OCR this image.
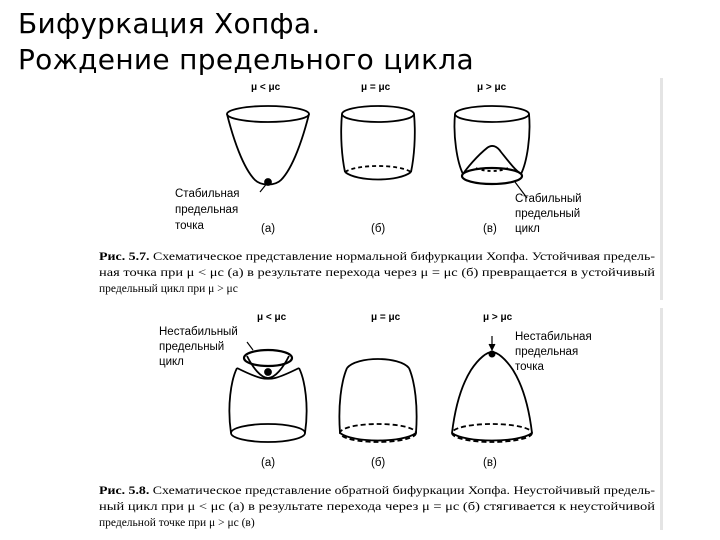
Бифуркация Хопфа.
Рождение предельного цикла
μ < μc	μ = μc	μ > μc
Стабильная
предельная
точка
Стабильный
предельный
цикл
(а)	(б)	(в)
Рис. 5.7. Схематическое представление нормальной бифуркации Хопфа. Устойчивая предель-
ная точка при μ < μc (а) в результате перехода через μ = μc (б) превращается в устойчивый
предельный цикл при μ > μc
μ < μc	μ = μc	μ > μc
Нестабильный
предельный
цикл
Нестабильная
предельная
точка
(а)	(б)	(в)
Рис. 5.8. Схематическое представление обратной бифуркации Хопфа. Неустойчивый предель-
ный цикл при μ < μc (а) в результате перехода через μ = μc (б) стягивается к неустойчивой
предельной точке при μ > μc (в)
